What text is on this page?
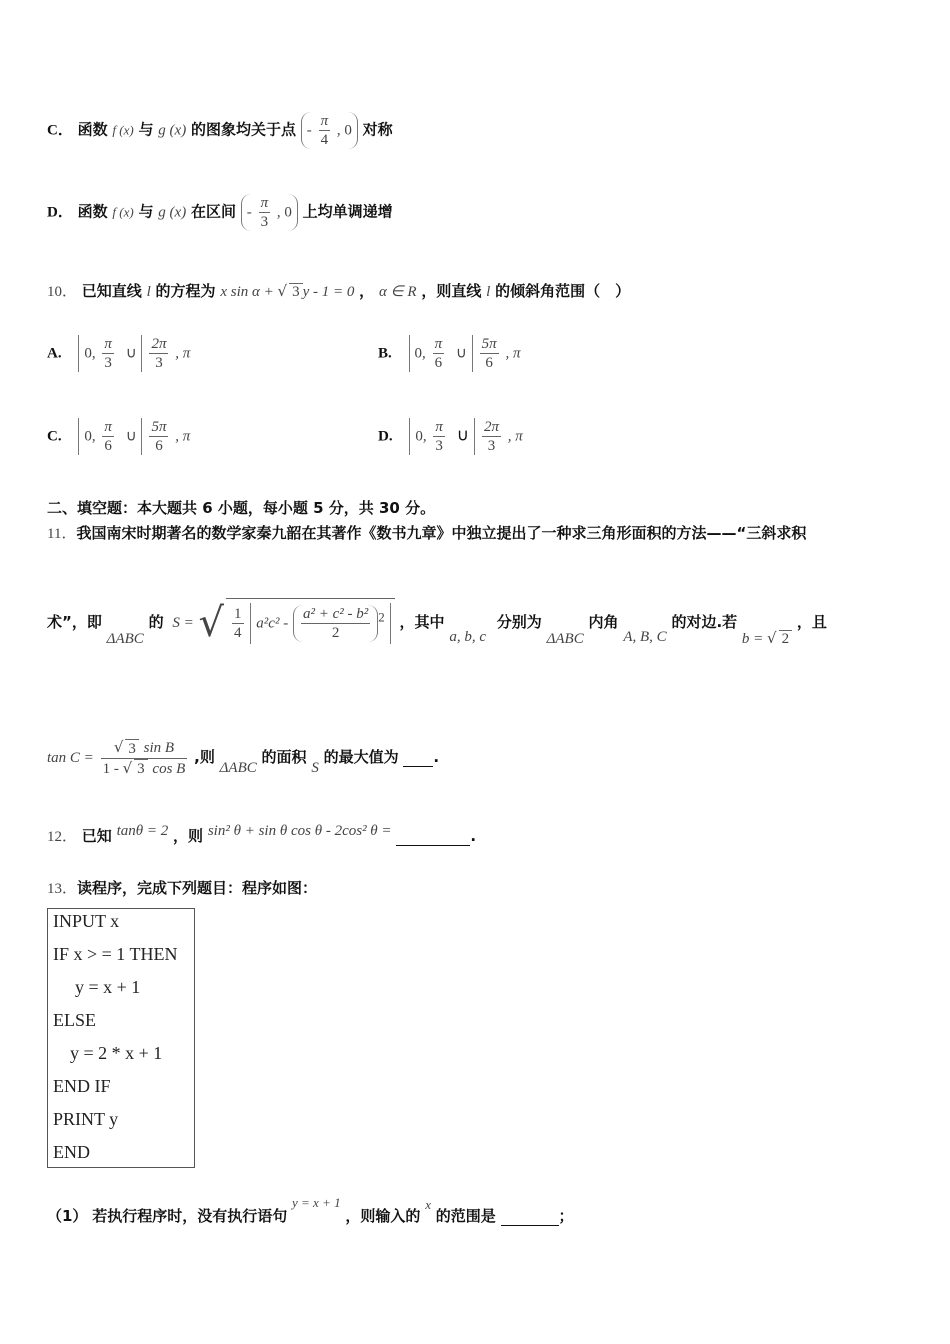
C． 函数 f (x) 与 g (x) 的图象均关于点 - $\frac{\pi}{4}$ , 0 对称
D． 函数 f (x) 与 g (x) 在区间 - $\frac{\pi}{3}$ , 0 上均单调递增
10． 已知直线 l 的方程为 x sin α + √ 3 y - 1 = 0 ， α ∈ R ，则直线 l 的倾斜角范围（　）
A. 0, $\frac{\pi}{3}$ ∪ $\frac{2\pi}{3}$ , π	B. 0, $\frac{\pi}{6}$ ∪ $\frac{5\pi}{6}$ , π
C. 0, $\frac{\pi}{6}$ ∪ $\frac{5\pi}{6}$ , π	D. 0, $\frac{\pi}{3}$ ∪ $\frac{2\pi}{3}$ , π
二、填空题：本大题共 6 小题，每小题 5 分，共 30 分。
11．我国南宋时期著名的数学家秦九韶在其著作《数书九章》中独立提出了一种求三角形面积的方法——“三斜求积
术”，即 ΔABC 的 S = √ $\frac{1}{4} a^2c^2 - \frac{\text{a² + c² - b²}}{2} ^2$ ，其中 a, b, c 分别为 ΔABC 内角 A, B, C 的对边.若 b = √ 2 ，且
$\tan C = \frac{\text{√ 3 sin B}}{\text{1 - √ 3 cos B}}$ ,则 ΔABC 的面积 S 的最大值为 .
12． 已知 tanθ = 2 ，则 sin² θ + sin θ cos θ - 2cos² θ =	.
13．读程序，完成下列题目：程序如图：
INPUT x
IF x > = 1 THEN
y = x + 1
ELSE
y = 2 * x + 1
END IF
PRINT y
END
（1） 若执行程序时，没有执行语句 y = x + 1 ，则输入的 x 的范围是	；
